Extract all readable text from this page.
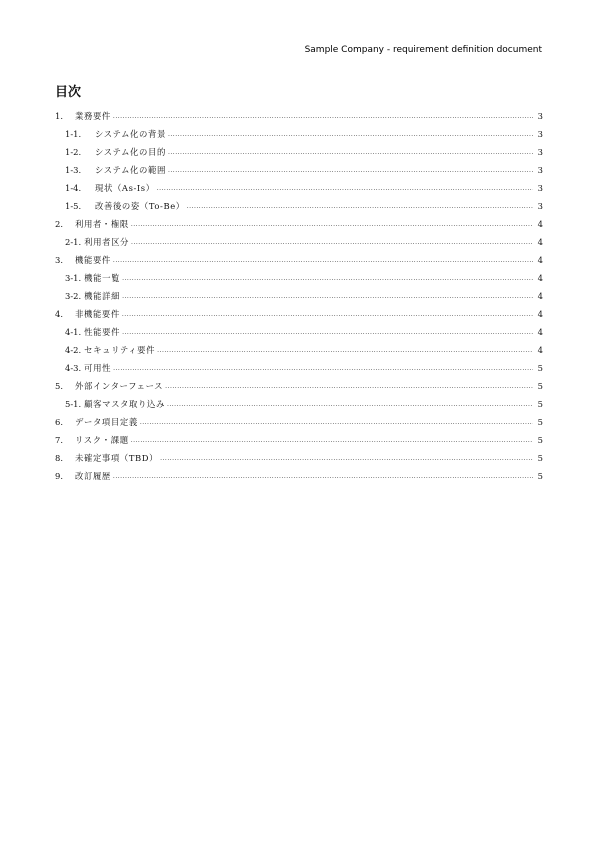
Sample Company - requirement definition document
目次
1.	業務要件 .....	3
1-1.	システム化の背景 .....	3
1-2.	システム化の目的 .....	3
1-3.	システム化の範囲 .....	3
1-4.	現状（As-Is） .....	3
1-5.	改善後の姿（To-Be） .....	3
2.	利用者・権限 .....	4
2-1. 利用者区分 .....	4
3.	機能要件 .....	4
3-1. 機能一覧 .....	4
3-2. 機能詳細 .....	4
4.	非機能要件 .....	4
4-1. 性能要件 .....	4
4-2. セキュリティ要件 .....	4
4-3. 可用性 .....	5
5.	外部インターフェース .....	5
5-1. 顧客マスタ取り込み .....	5
6.	データ項目定義 .....	5
7.	リスク・課題 .....	5
8.	未確定事項（TBD） .....	5
9.	改訂履歴 .....	5
